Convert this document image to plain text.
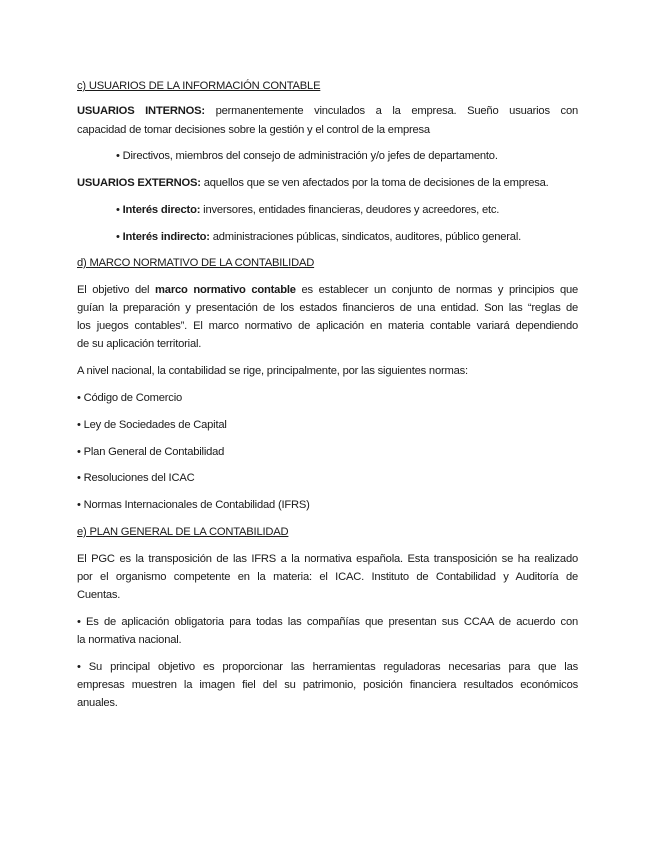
c) USUARIOS DE LA INFORMACIÓN CONTABLE
USUARIOS INTERNOS: permanentemente vinculados a la empresa. Sueño usuarios con
capacidad de tomar decisiones sobre la gestión y el control de la empresa
• Directivos, miembros del consejo de administración y/o jefes de departamento.
USUARIOS EXTERNOS: aquellos que se ven afectados por la toma de decisiones de la empresa.
• Interés directo: inversores, entidades financieras, deudores y acreedores, etc.
• Interés indirecto: administraciones públicas, sindicatos, auditores, público general.
d) MARCO NORMATIVO DE LA CONTABILIDAD
El objetivo del marco normativo contable es establecer un conjunto de normas y principios que
guían la preparación y presentación de los estados financieros de una entidad. Son las “reglas de
los juegos contables”. El marco normativo de aplicación en materia contable variará dependiendo
de su aplicación territorial.
A nivel nacional, la contabilidad se rige, principalmente, por las siguientes normas:
• Código de Comercio
• Ley de Sociedades de Capital
• Plan General de Contabilidad
• Resoluciones del ICAC
• Normas Internacionales de Contabilidad (IFRS)
e) PLAN GENERAL DE LA CONTABILIDAD
El PGC es la transposición de las IFRS a la normativa española. Esta transposición se ha realizado
por el organismo competente en la materia: el ICAC. Instituto de Contabilidad y Auditoría de
Cuentas.
• Es de aplicación obligatoria para todas las compañías que presentan sus CCAA de acuerdo con
la normativa nacional.
• Su principal objetivo es proporcionar las herramientas reguladoras necesarias para que las
empresas muestren la imagen fiel del su patrimonio, posición financiera resultados económicos
anuales.
